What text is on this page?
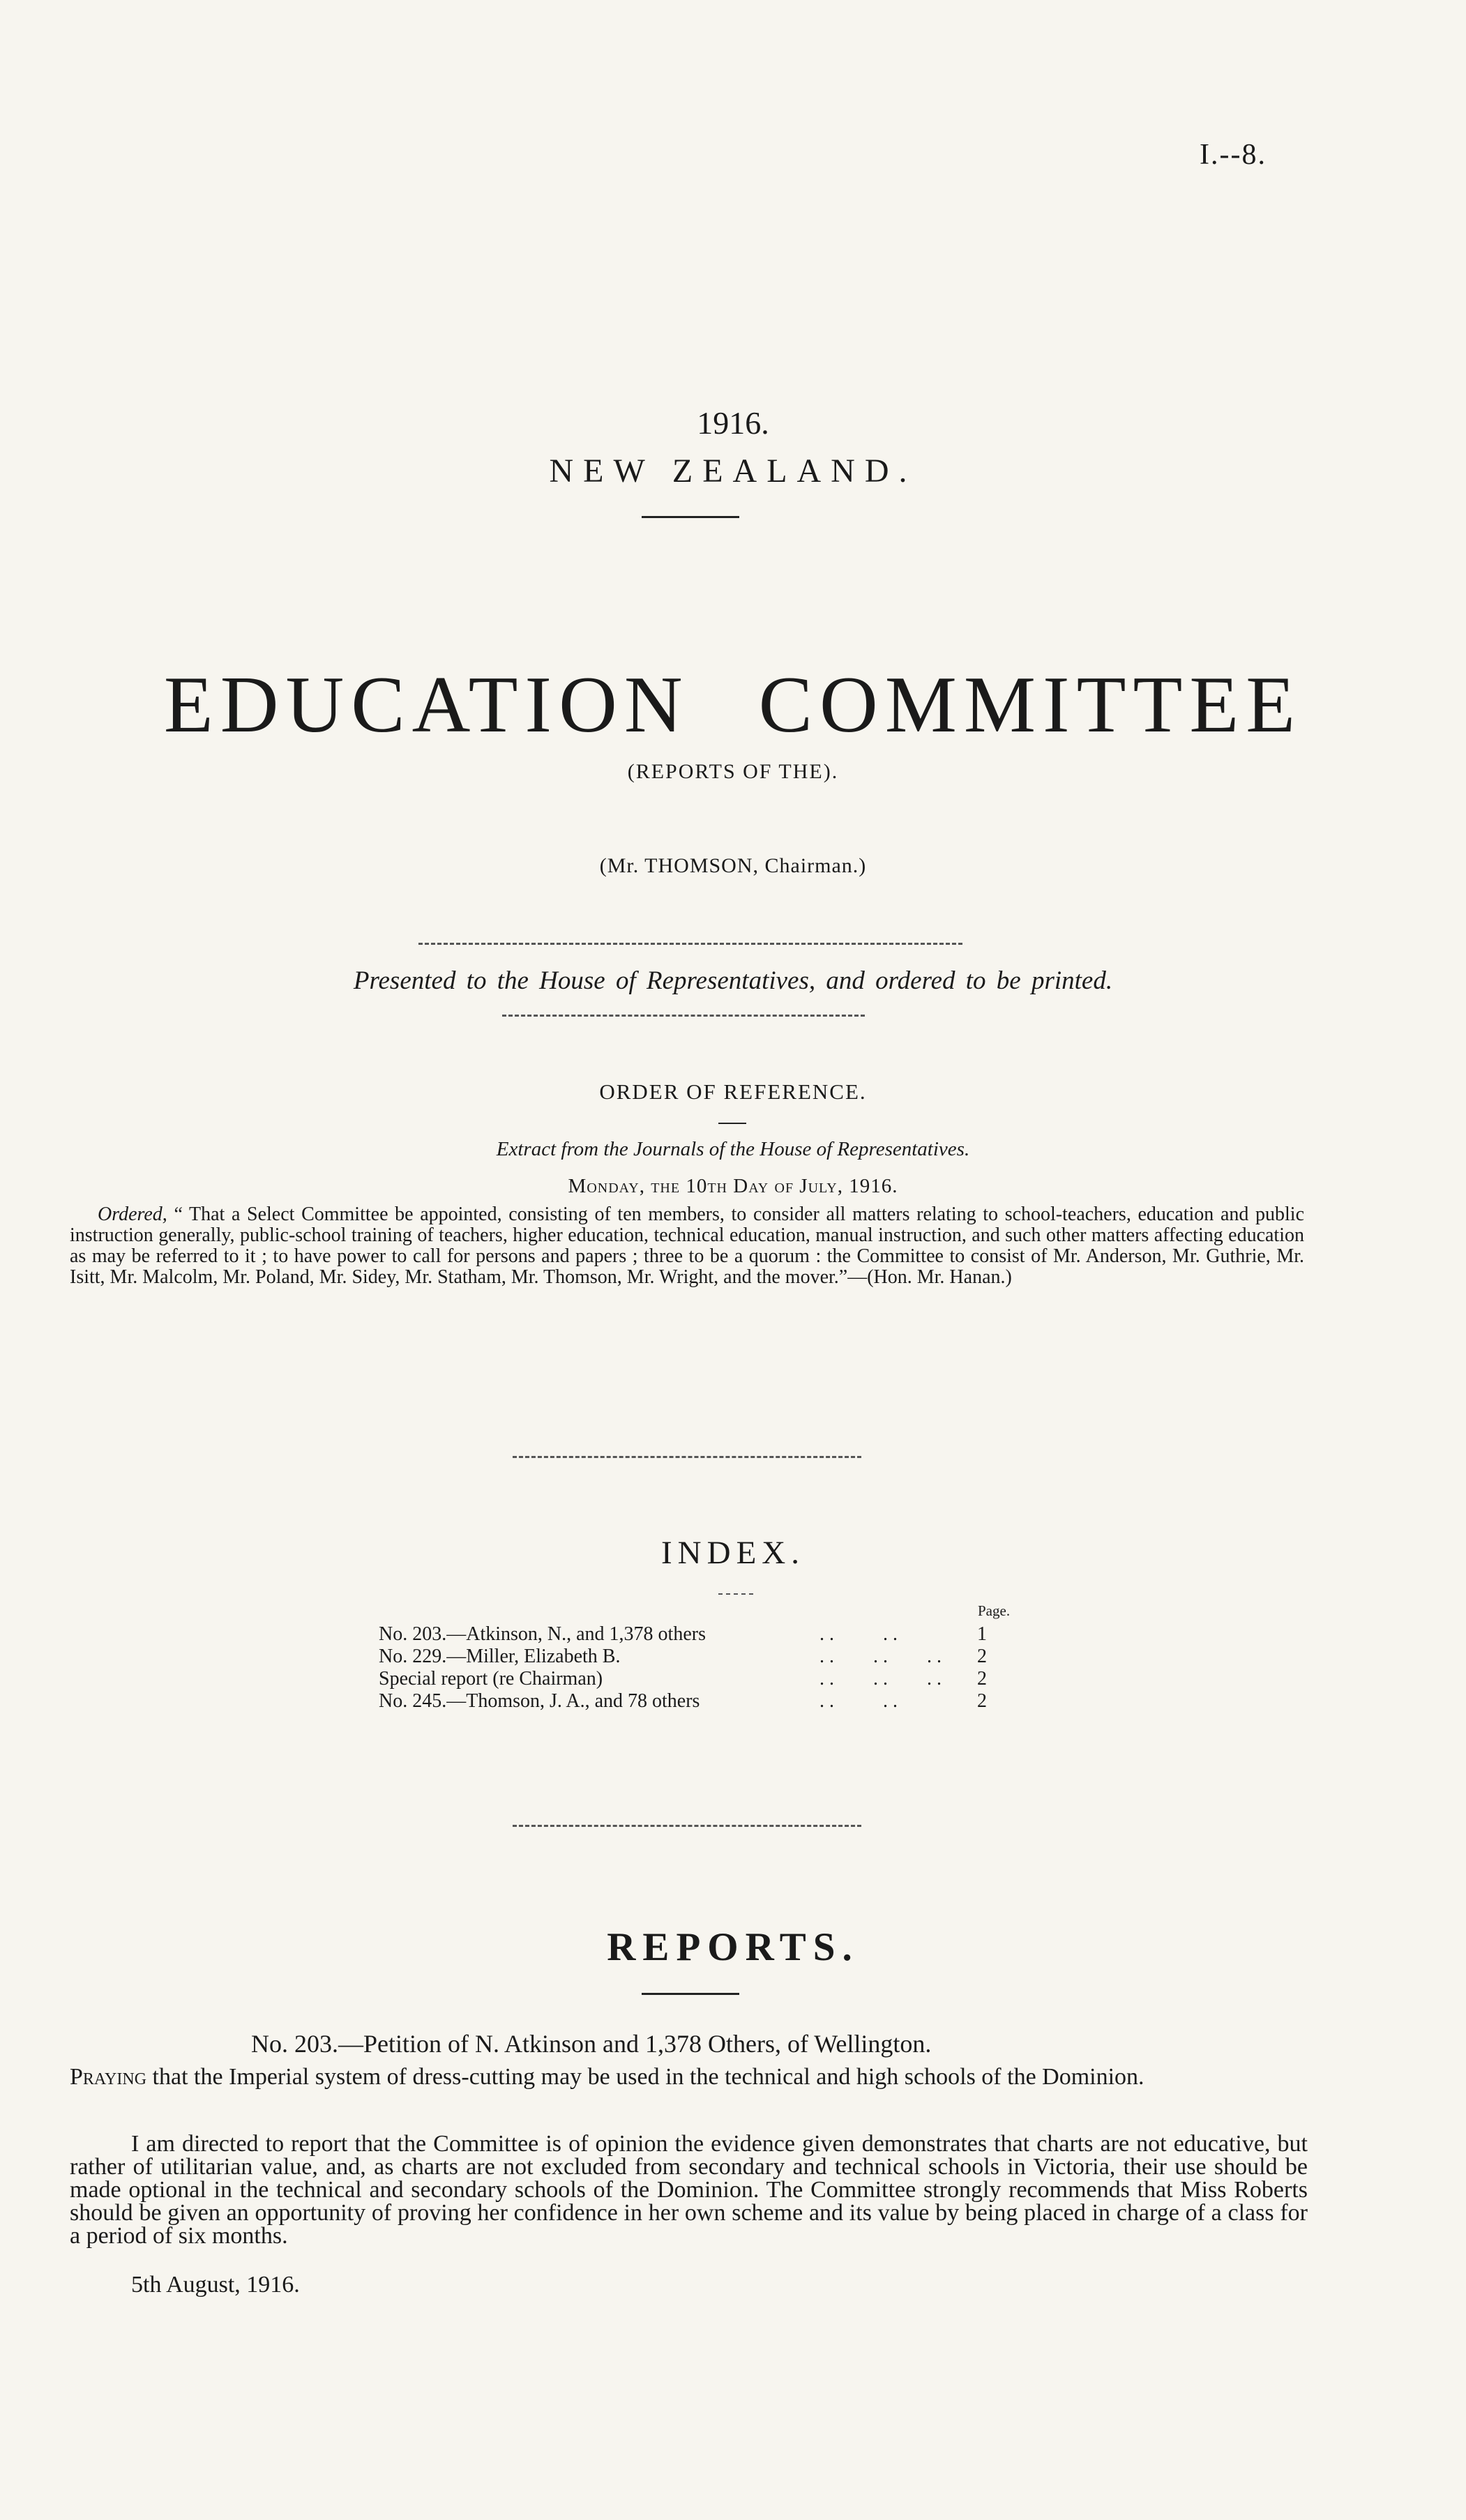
I.--8.
1916.
NEW ZEALAND.
EDUCATION COMMITTEE
(REPORTS OF THE).
(Mr. THOMSON, Chairman.)
Presented to the House of Representatives, and ordered to be printed.
ORDER OF REFERENCE.
Extract from the Journals of the House of Representatives.
Monday, the 10th Day of July, 1916.
Ordered, “ That a Select Committee be appointed, consisting of ten members, to consider all matters relating to school-teachers, education and public instruction generally, public-school training of teachers, higher education, technical education, manual instruction, and such other matters affecting education as may be referred to it ; to have power to call for persons and papers ; three to be a quorum : the Committee to consist of Mr. Anderson, Mr. Guthrie, Mr. Isitt, Mr. Malcolm, Mr. Poland, Mr. Sidey, Mr. Statham, Mr. Thomson, Mr. Wright, and the mover.”—(Hon. Mr. Hanan.)
INDEX.
Page.
No. 203.—Atkinson, N., and 1,378 others	. .          . .	1
No. 229.—Miller, Elizabeth B.	. .        . .        . .	2
Special report (re Chairman)	. .        . .        . .	2
No. 245.—Thomson, J. A., and 78 others	. .          . .	2
REPORTS.
No. 203.—Petition of N. Atkinson and 1,378 Others, of Wellington.
Praying that the Imperial system of dress-cutting may be used in the technical and high schools of the Dominion.
I am directed to report that the Committee is of opinion the evidence given demonstrates that charts are not educative, but rather of utilitarian value, and, as charts are not excluded from secondary and technical schools in Victoria, their use should be made optional in the technical and secondary schools of the Dominion. The Committee strongly recommends that Miss Roberts should be given an opportunity of proving her confidence in her own scheme and its value by being placed in charge of a class for a period of six months.
5th August, 1916.
